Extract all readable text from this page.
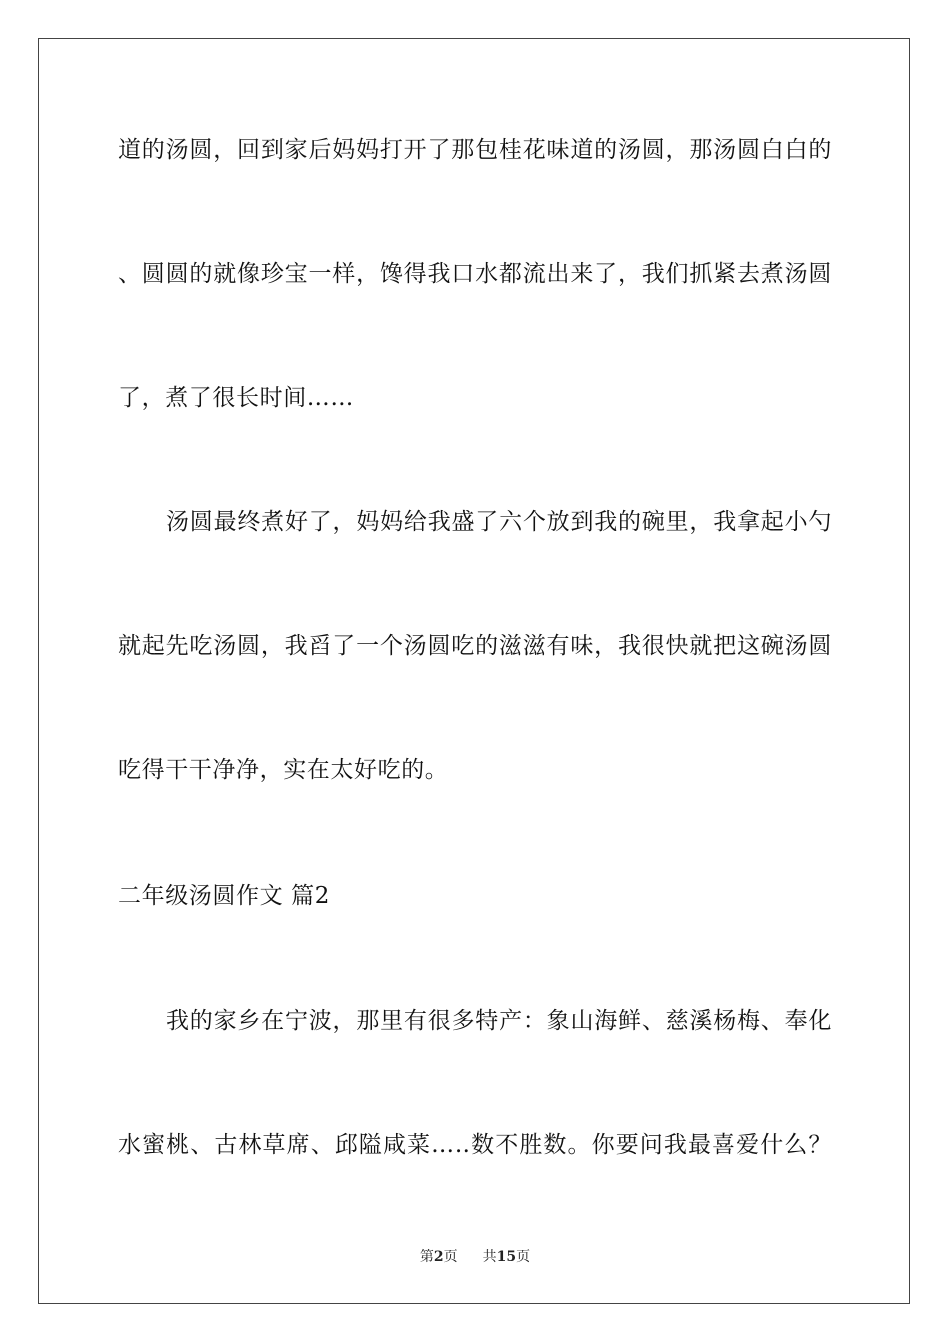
道的汤圆，回到家后妈妈打开了那包桂花味道的汤圆，那汤圆白白的
、圆圆的就像珍宝一样，馋得我口水都流出来了，我们抓紧去煮汤圆
了，煮了很长时间……
汤圆最终煮好了，妈妈给我盛了六个放到我的碗里，我拿起小勺
就起先吃汤圆，我舀了一个汤圆吃的滋滋有味，我很快就把这碗汤圆
吃得干干净净，实在太好吃的。
二年级汤圆作文 篇2
我的家乡在宁波，那里有很多特产：象山海鲜、慈溪杨梅、奉化
水蜜桃、古林草席、邱隘咸菜…‥数不胜数。你要问我最喜爱什么？
第2页 共15页
